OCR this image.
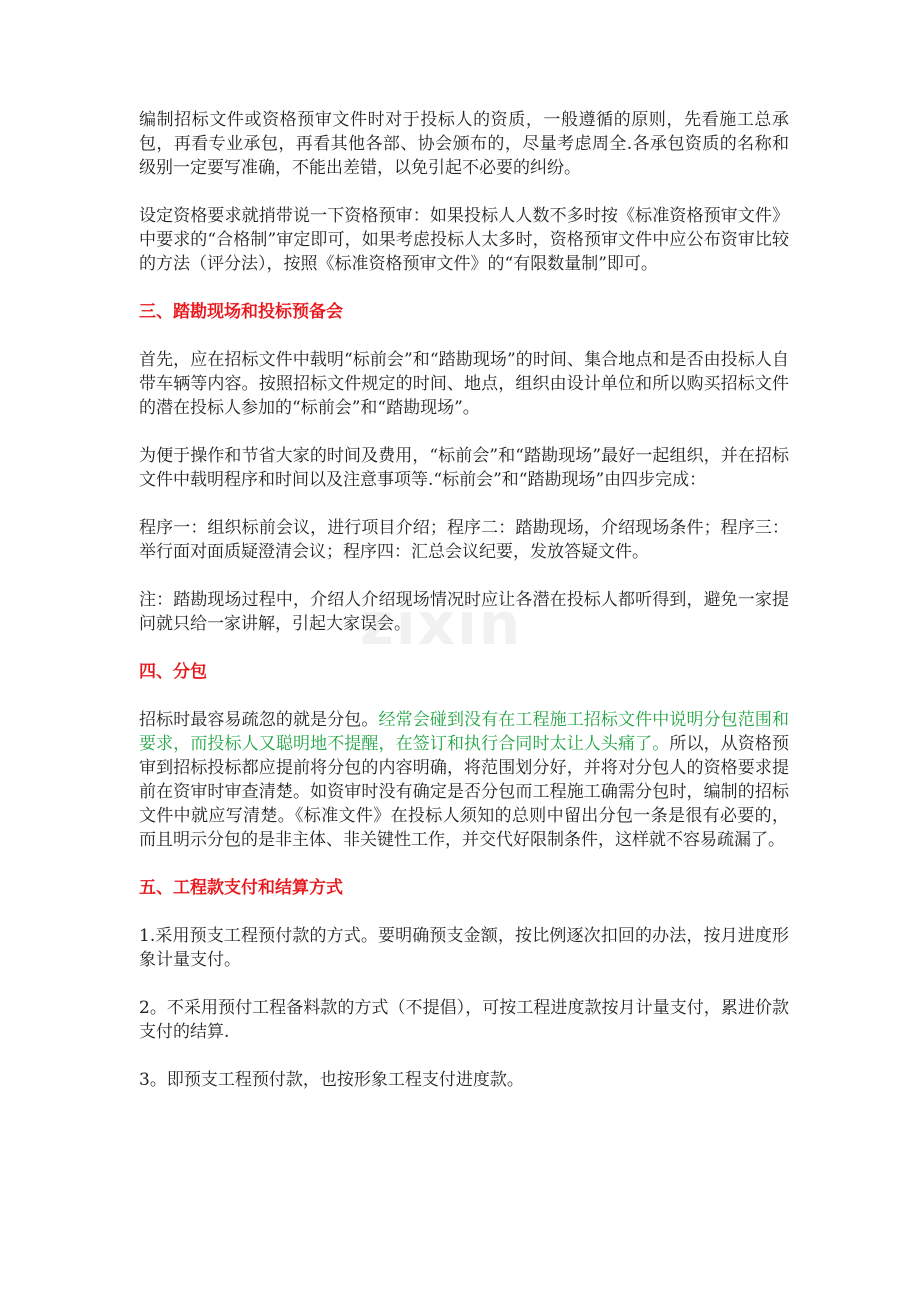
zixin

编制招标文件或资格预审文件时对于投标人的资质，一般遵循的原则，先看施工总承包，再看专业承包，再看其他各部、协会颁布的，尽量考虑周全.各承包资质的名称和级别一定要写准确，不能出差错，以免引起不必要的纠纷。

设定资格要求就捎带说一下资格预审：如果投标人人数不多时按《标准资格预审文件》中要求的“合格制”审定即可，如果考虑投标人太多时，资格预审文件中应公布资审比较的方法（评分法），按照《标准资格预审文件》的“有限数量制”即可。

三、踏勘现场和投标预备会

首先，应在招标文件中载明“标前会”和“踏勘现场”的时间、集合地点和是否由投标人自带车辆等内容。按照招标文件规定的时间、地点，组织由设计单位和所以购买招标文件的潜在投标人参加的“标前会”和“踏勘现场”。

为便于操作和节省大家的时间及费用，“标前会”和“踏勘现场”最好一起组织，并在招标文件中载明程序和时间以及注意事项等.“标前会”和“踏勘现场”由四步完成：

程序一：组织标前会议，进行项目介绍；程序二：踏勘现场，介绍现场条件；程序三：举行面对面质疑澄清会议；程序四：汇总会议纪要，发放答疑文件。

注：踏勘现场过程中，介绍人介绍现场情况时应让各潜在投标人都听得到，避免一家提问就只给一家讲解，引起大家误会。

四、分包

招标时最容易疏忽的就是分包。经常会碰到没有在工程施工招标文件中说明分包范围和要求，而投标人又聪明地不提醒，在签订和执行合同时太让人头痛了。所以，从资格预审到招标投标都应提前将分包的内容明确，将范围划分好，并将对分包人的资格要求提前在资审时审查清楚。如资审时没有确定是否分包而工程施工确需分包时，编制的招标文件中就应写清楚。《标准文件》在投标人须知的总则中留出分包一条是很有必要的，而且明示分包的是非主体、非关键性工作，并交代好限制条件，这样就不容易疏漏了。

五、工程款支付和结算方式

1.采用预支工程预付款的方式。要明确预支金额，按比例逐次扣回的办法，按月进度形象计量支付。

2。不采用预付工程备料款的方式（不提倡），可按工程进度款按月计量支付，累进价款支付的结算.

3。即预支工程预付款，也按形象工程支付进度款。
